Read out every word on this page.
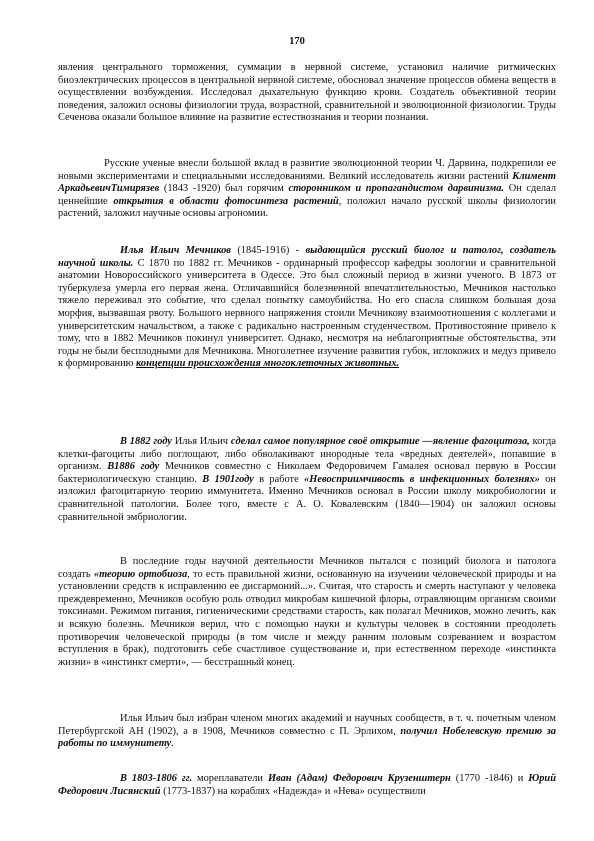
170

явления центрального торможения, суммации в нервной системе, установил наличие ритмических биоэлектрических процессов в центральной нервной системе, обосновал значение процессов обмена веществ в осуществлении возбуждения. Исследовал дыхательную функцию крови. Создатель объективной теории поведения, заложил основы физиологии труда, возрастной, сравнительной и эволюционной физиологии. Труды Сеченова оказали большое влияние на развитие естествознания и теории познания.

Русские ученые внесли большой вклад в развитие эволюционной теории Ч. Дарвина, подкрепили ее новыми экспериментами и специальными исследованиями. Великий исследователь жизни растений Климент АркадьевичТимирязев (1843 -1920) был горячим сторонником и пропагандистом дарвинизма. Он сделал ценнейшие открытия в области фотосинтеза растений, положил начало русской школы физиологии растений, заложил научные основы агрономии.

Илья Ильич Мечников (1845-1916) - выдающийся русский биолог и патолог, создатель научной школы. С 1870 по 1882 гг. Мечников - ординарный профессор кафедры зоологии и сравнительной анатомии Новороссийского университета в Одессе. Это был сложный период в жизни ученого. В 1873 от туберкулеза умерла его первая жена. Отличавшийся болезненной впечатлительностью, Мечников настолько тяжело переживал это событие, что сделал попытку самоубийства. Но его спасла слишком большая доза морфия, вызвавшая рвоту. Большого нервного напряжения стоили Мечникову взаимоотношения с коллегами и университетским начальством, а также с радикально настроенным студенчеством. Противостояние привело к тому, что в 1882 Мечников покинул университет. Однако, несмотря на неблагоприятные обстоятельства, эти годы не были бесплодными для Мечникова. Многолетнее изучение развития губок, иглокожих и медуз привело к формированию концепции происхождения многоклеточных животных.

В 1882 году Илья Ильич сделал самое популярное своё открытие —явление фагоцитоза, когда клетки-фагоциты либо поглощают, либо обволакивают инородные тела «вредных деятелей», попавшие в организм. В1886 году Мечников совместно с Николаем Федоровичем Гамалея основал первую в России бактериологическую станцию. В 1901году в работе «Невосприимчивость в инфекционных болезнях» он изложил фагоцитарную теорию иммунитета. Именно Мечников основал в России школу микробиологии и сравнительной патологии. Более того, вместе с А. О. Ковалевским (1840—1904) он заложил основы сравнительной эмбриологии.

В последние годы научной деятельности Мечников пытался с позиций биолога и патолога создать «теорию ортобиоза, то есть правильной жизни, основанную на изучении человеческой природы и на установлении средств к исправлению ее дисгармоний...». Считая, что старость и смерть наступают у человека преждевременно, Мечников особую роль отводил микробам кишечной флоры, отравляющим организм своими токсинами. Режимом питания, гигиеническими средствами старость, как полагал Мечников, можно лечить, как и всякую болезнь. Мечников верил, что с помощью науки и культуры человек в состоянии преодолеть противоречия человеческой природы (в том числе и между ранним половым созреванием и возрастом вступления в брак), подготовить себе счастливое существование и, при естественном переходе «инстинкта жизни» в «инстинкт смерти», — бесстрашный конец.

Илья Ильич был избран членом многих академий и научных сообществ, в т. ч. почетным членом Петербургской АН (1902), а в 1908, Мечников совместно с П. Эрлихом, получил Нобелевскую премию за работы по иммунитету.

В 1803-1806 гг. мореплаватели Иван (Адам) Федорович Крузенштерн (1770 -1846) и Юрий Федорович Лисянский (1773-1837) на кораблях «Надежда» и «Нева» осуществили
